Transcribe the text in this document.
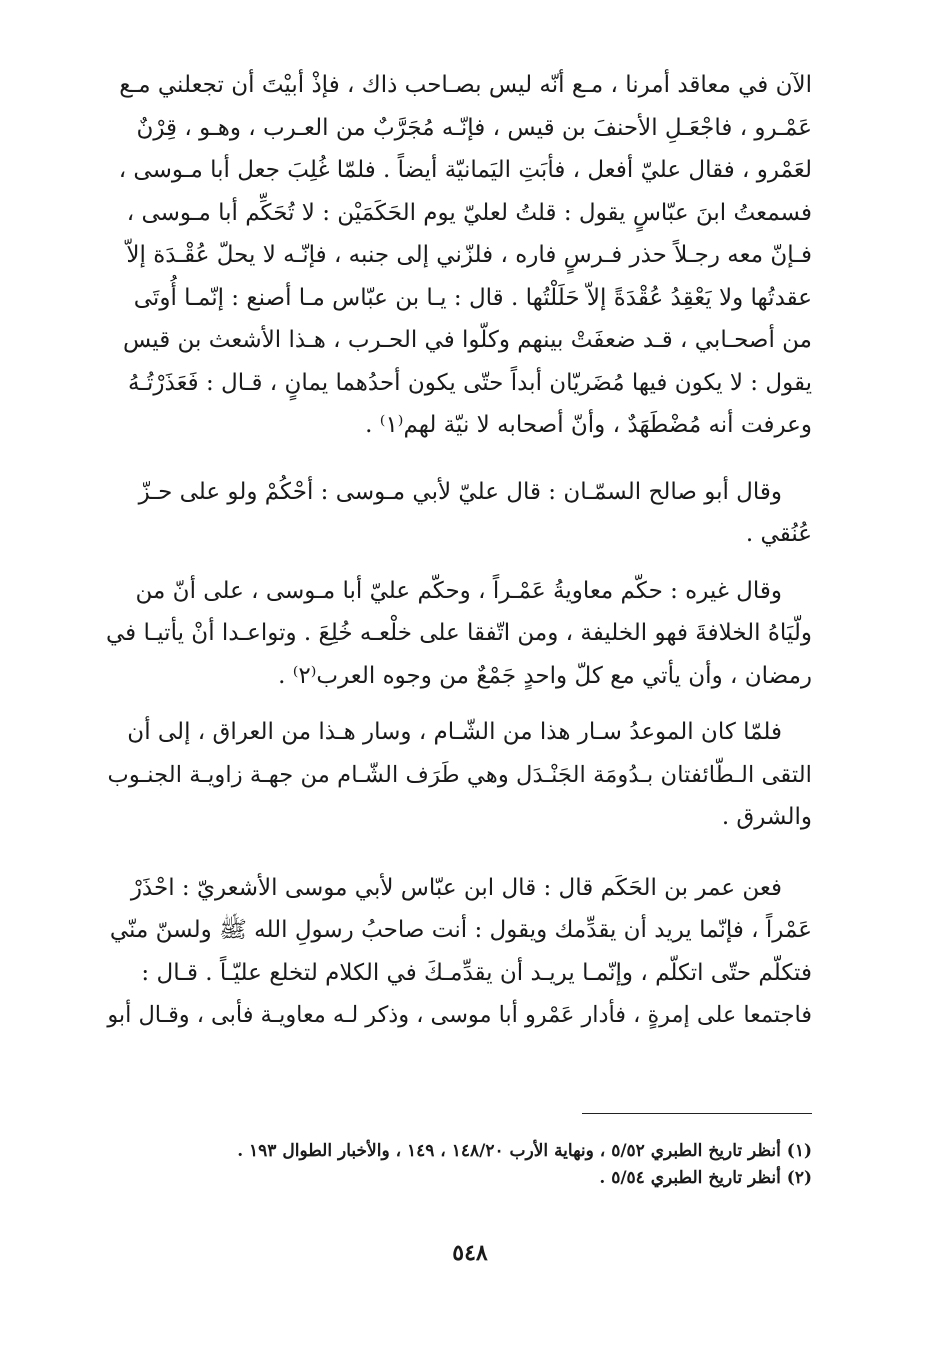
الآن في معاقد أمرنا ، مـع أنّه ليس بصـاحب ذاك ، فإذْ أبيْتَ أن تجعلني مـع
عَمْـرو ، فاجْعَـلِ الأحنفَ بن قيس ، فإنّـه مُجَرَّبٌ من العـرب ، وهـو ، قِرْنٌ
لعَمْرو ، فقال عليّ أفعل ، فأبَتِ اليَمانيّة أيضاً . فلمّا غُلِبَ جعل أبا مـوسى ،
فسمعتُ ابنَ عبّاسٍ يقول : قلتُ لعليّ يوم الحَكَمَيْن : لا تُحَكِّم أبا مـوسى ،
فـإنّ معه رجـلاً حذر فـرسٍ فاره ، فلزّني إلى جنبه ، فإنّـه لا يحلّ عُقْـدَة إلاّ
عقدتُها ولا يَعْقِدُ عُقْدَةً إلاّ حَلَلْتُها . قال : يـا بن عبّاس مـا أصنع : إنّمـا أُوتَى
من أصحـابي ، قـد ضعفَتْ بينهم وكلّوا في الحـرب ، هـذا الأشعث بن قيس
يقول : لا يكون فيها مُضَريّان أبداً حتّى يكون أحدُهما يمانٍ ، قـال : فَعَذَرْتُـهُ
وعرفت أنه مُضْطَهَدٌ ، وأنّ أصحابه لا نيّة لهم⁽١⁾ .

وقال أبو صالح السمّـان : قال عليّ لأبي مـوسى : أحْكُمْ ولو على حـزّ
عُنُقي .

وقال غيره : حكّم معاويةُ عَمْـراً ، وحكّم عليّ أبا مـوسى ، على أنّ من
ولّيَاهُ الخلافةَ فهو الخليفة ، ومن اتّفقا على خلْعـه خُلِعَ . وتواعـدا أنْ يأتيـا في
رمضان ، وأن يأتي مع كلّ واحدٍ جَمْعٌ من وجوه العرب⁽٢⁾ .

فلمّا كان الموعدُ سـار هذا من الشّـام ، وسار هـذا من العراق ، إلى أن
التقى الـطّائفتان بـدُومَة الجَنْـدَل وهي طَرَف الشّـام من جهـة زاويـة الجنـوب
والشرق .

فعن عمر بن الحَكَم قال : قال ابن عبّاس لأبي موسى الأشعريّ : احْذَرْ
عَمْراً ، فإنّما يريد أن يقدِّمك ويقول : أنت صاحبُ رسولِ الله ﷺ ولسنّ منّي
فتكلّم حتّى اتكلّم ، وإنّمـا يريـد أن يقدِّمـكَ في الكلام لتخلع عليّـاً . قـال :
فاجتمعا على إمرةٍ ، فأدار عَمْرو أبا موسى ، وذكر لـه معاويـة فأبى ، وقـال أبو

(١) أنظر تاريخ الطبري ٥/٥٢ ، ونهاية الأرب ١٤٨/٢٠ ، ١٤٩ ، والأخبار الطوال ١٩٣ .
(٢) أنظر تاريخ الطبري ٥/٥٤ .
٥٤٨
